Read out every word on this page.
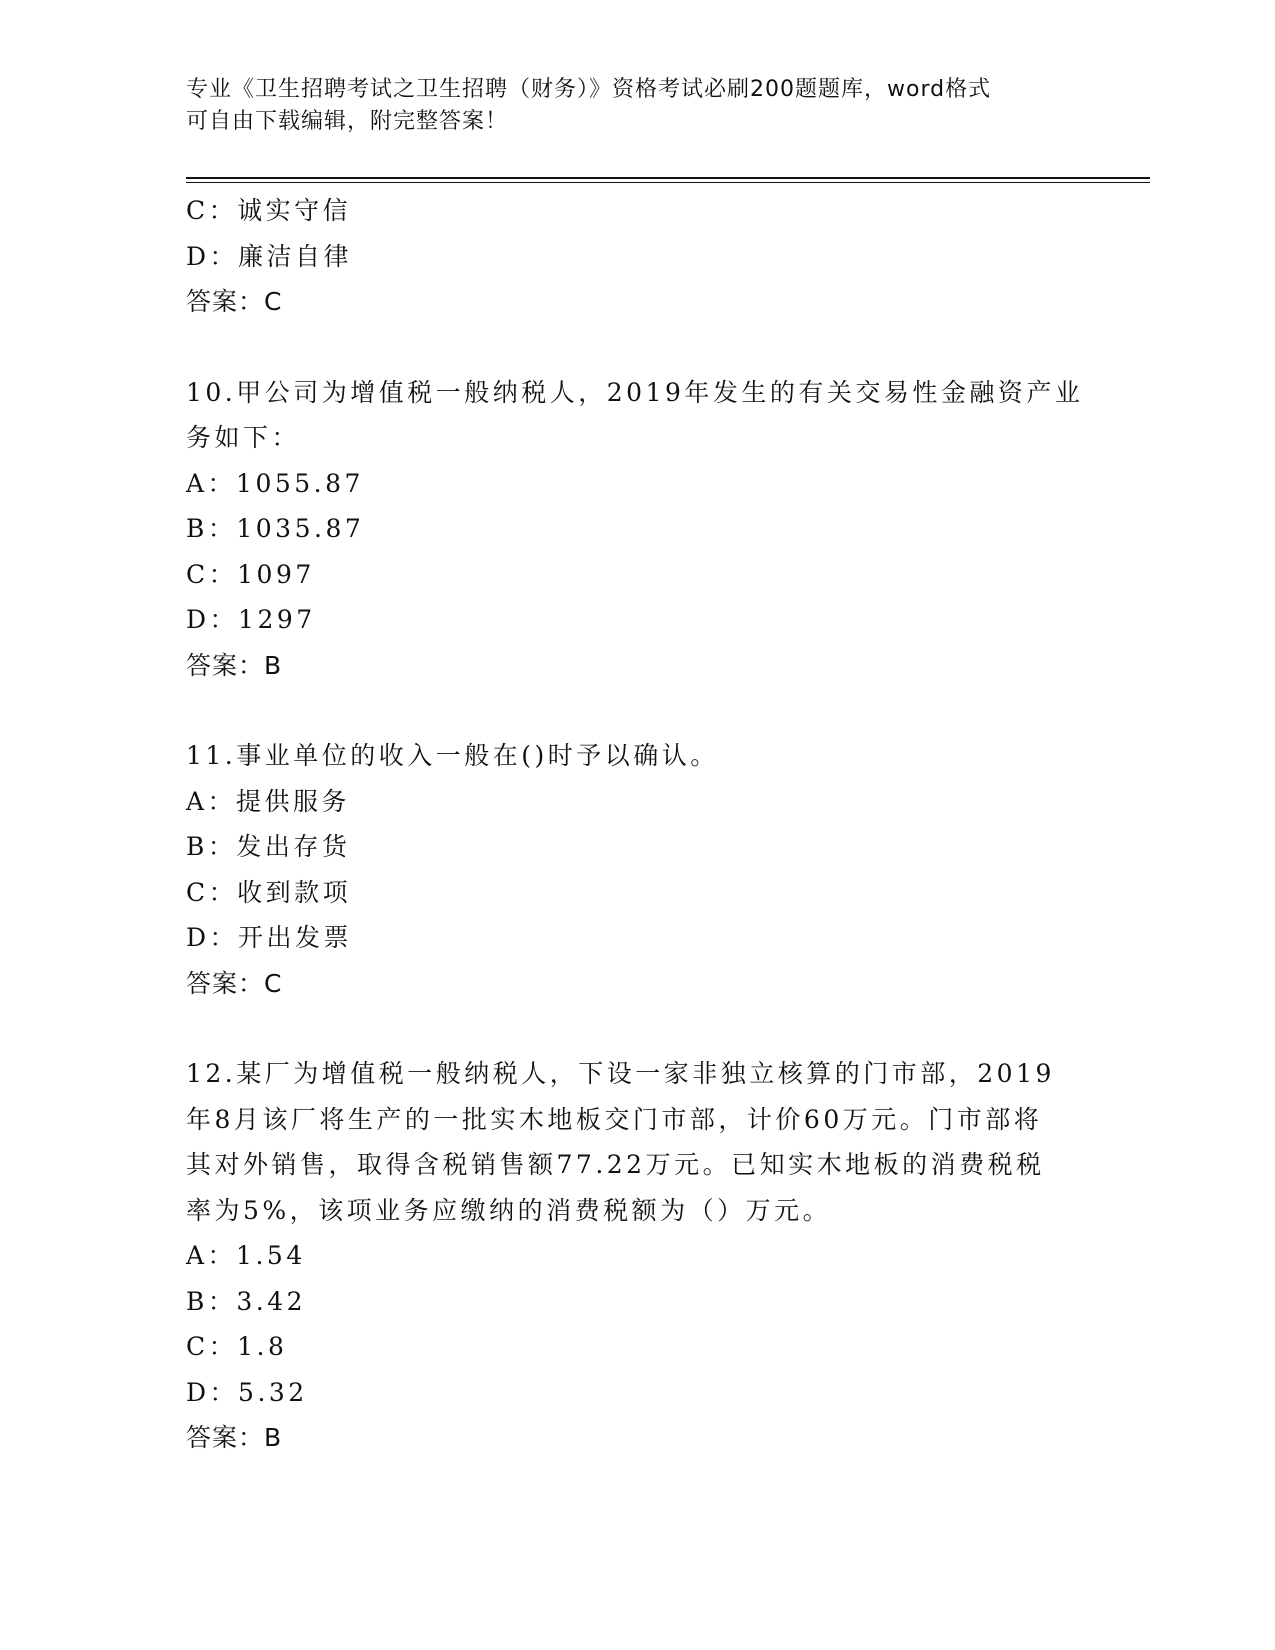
专业《卫生招聘考试之卫生招聘（财务）》资格考试必刷200题题库，word格式
可自由下载编辑，附完整答案！
C：诚实守信
D：廉洁自律
答案：C
10.甲公司为增值税一般纳税人，2019年发生的有关交易性金融资产业
务如下：
A：1055.87
B：1035.87
C：1097
D：1297
答案：B
11.事业单位的收入一般在()时予以确认。
A：提供服务
B：发出存货
C：收到款项
D：开出发票
答案：C
12.某厂为增值税一般纳税人，下设一家非独立核算的门市部，2019
年8月该厂将生产的一批实木地板交门市部，计价60万元。门市部将
其对外销售，取得含税销售额77.22万元。已知实木地板的消费税税
率为5%，该项业务应缴纳的消费税额为（）万元。
A：1.54
B：3.42
C：1.8
D：5.32
答案：B
